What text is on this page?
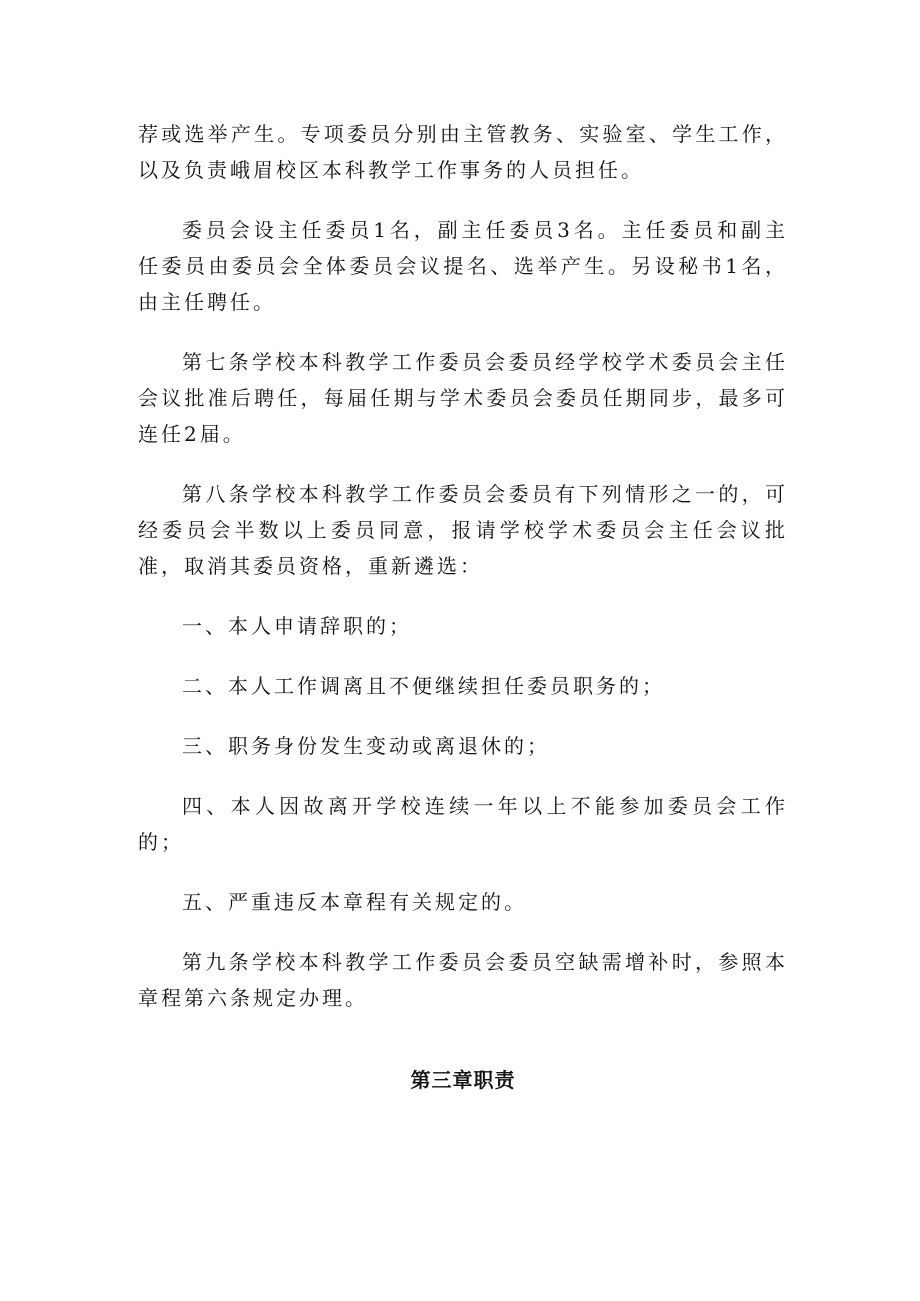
荐或选举产生。专项委员分别由主管教务、实验室、学生工作，以及负责峨眉校区本科教学工作事务的人员担任。

委员会设主任委员1名，副主任委员3名。主任委员和副主任委员由委员会全体委员会议提名、选举产生。另设秘书1名，由主任聘任。

第七条学校本科教学工作委员会委员经学校学术委员会主任会议批准后聘任，每届任期与学术委员会委员任期同步，最多可连任2届。

第八条学校本科教学工作委员会委员有下列情形之一的，可经委员会半数以上委员同意，报请学校学术委员会主任会议批准，取消其委员资格，重新遴选：

一、本人申请辞职的；

二、本人工作调离且不便继续担任委员职务的；

三、职务身份发生变动或离退休的；

四、本人因故离开学校连续一年以上不能参加委员会工作的；

五、严重违反本章程有关规定的。

第九条学校本科教学工作委员会委员空缺需增补时，参照本章程第六条规定办理。

第三章职责
